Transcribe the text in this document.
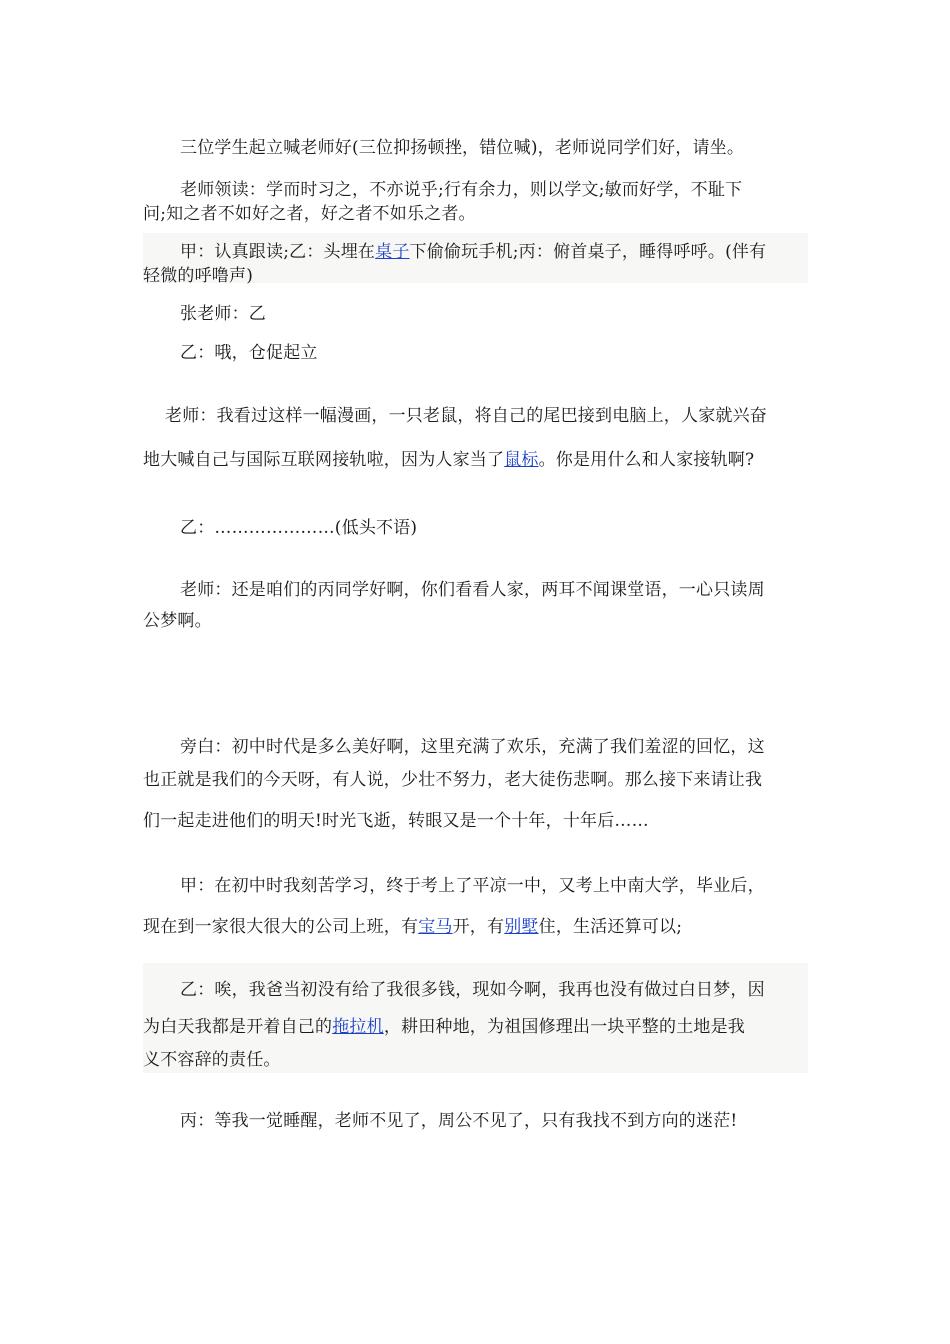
三位学生起立喊老师好(三位抑扬顿挫，错位喊)，老师说同学们好，请坐。
老师领读：学而时习之，不亦说乎;行有余力，则以学文;敏而好学，不耻下
问;知之者不如好之者，好之者不如乐之者。
甲：认真跟读;乙：头埋在桌子下偷偷玩手机;丙：俯首桌子，睡得呼呼。(伴有
轻微的呼噜声)
张老师：乙
乙：哦，仓促起立
老师：我看过这样一幅漫画，一只老鼠，将自己的尾巴接到电脑上，人家就兴奋
地大喊自己与国际互联网接轨啦，因为人家当了鼠标。你是用什么和人家接轨啊?
乙：…………………(低头不语)
老师：还是咱们的丙同学好啊，你们看看人家，两耳不闻课堂语，一心只读周
公梦啊。
旁白：初中时代是多么美好啊，这里充满了欢乐，充满了我们羞涩的回忆，这
也正就是我们的今天呀，有人说，少壮不努力，老大徒伤悲啊。那么接下来请让我
们一起走进他们的明天!时光飞逝，转眼又是一个十年，十年后……
甲：在初中时我刻苦学习，终于考上了平凉一中，又考上中南大学，毕业后，
现在到一家很大很大的公司上班，有宝马开，有别墅住，生活还算可以;
乙：唉，我爸当初没有给了我很多钱，现如今啊，我再也没有做过白日梦，因
为白天我都是开着自己的拖拉机，耕田种地，为祖国修理出一块平整的土地是我
义不容辞的责任。
丙：等我一觉睡醒，老师不见了，周公不见了，只有我找不到方向的迷茫!
